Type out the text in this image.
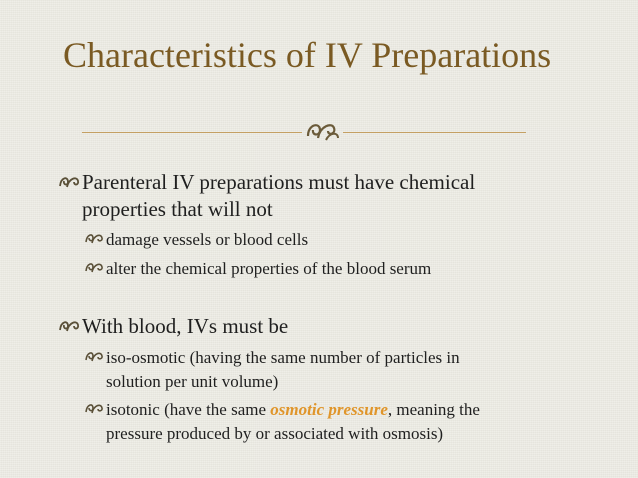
Characteristics of IV Preparations
Parenteral IV preparations must have chemical
properties that will not
damage vessels or blood cells
alter the chemical properties of the blood serum
With blood, IVs must be
iso-osmotic (having the same number of particles in
solution per unit volume)
isotonic (have the same osmotic pressure, meaning the
pressure produced by or associated with osmosis)
